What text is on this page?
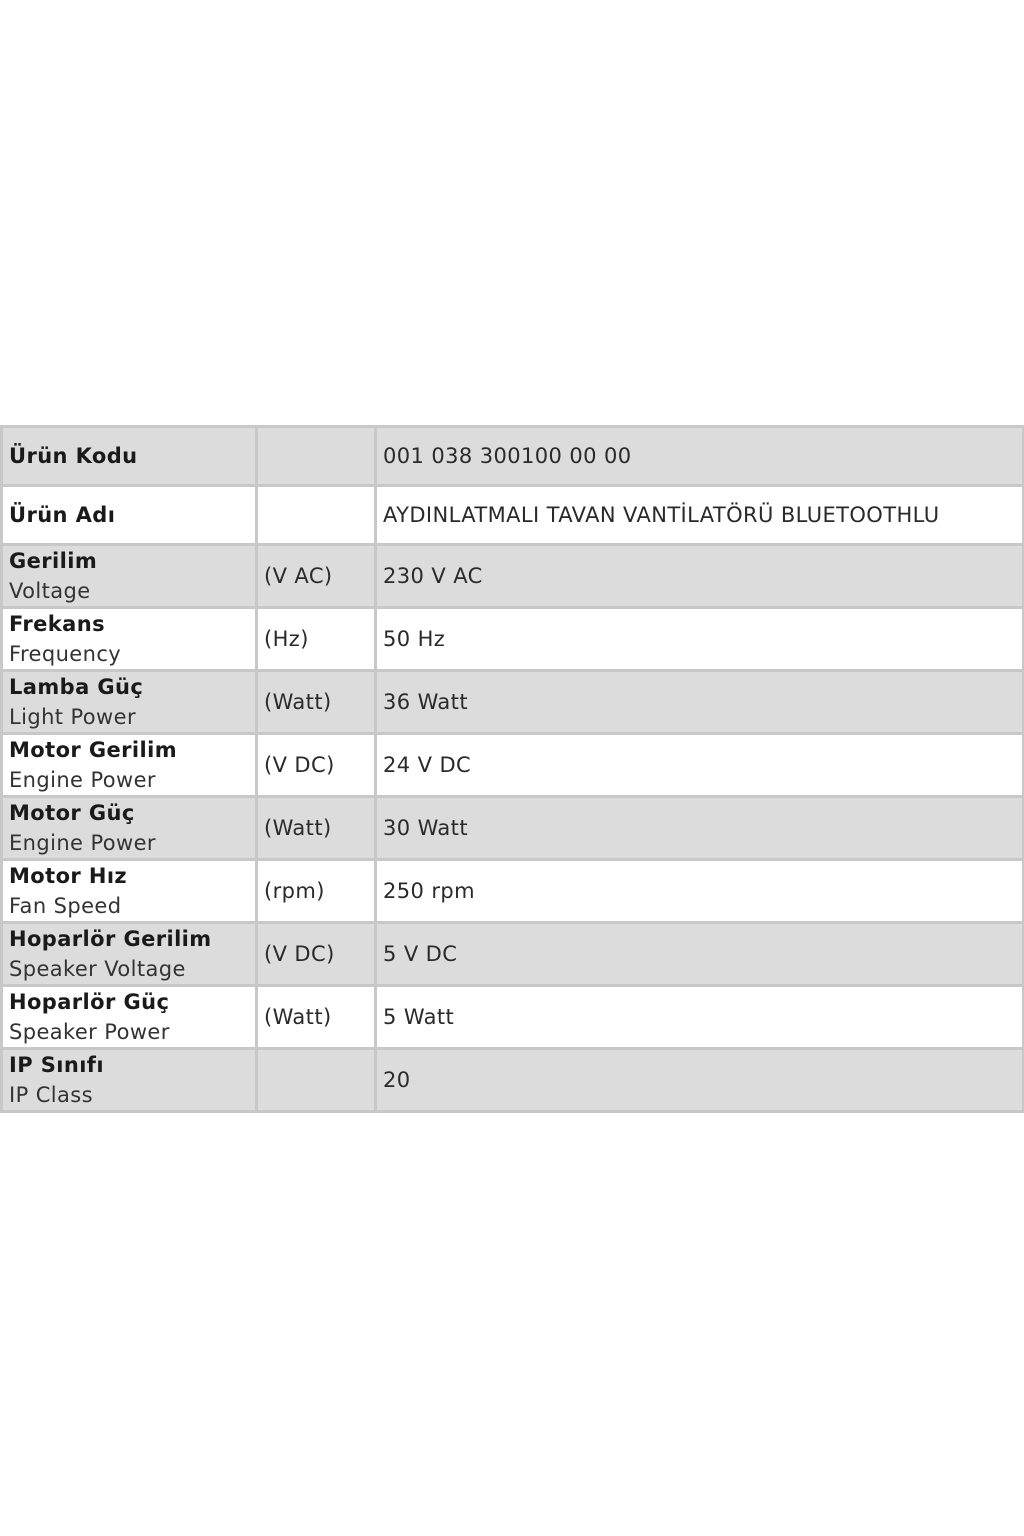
Ürün Kodu		001 038 300100 00 00

Ürün Adı		AYDINLATMALI TAVAN VANTİLATÖRÜ BLUETOOTHLU

Gerilim
Voltage	(V AC)	230 V AC

Frekans
Frequency	(Hz)	50 Hz

Lamba Güç
Light Power	(Watt)	36 Watt

Motor Gerilim
Engine Power	(V DC)	24 V DC

Motor Güç
Engine Power	(Watt)	30 Watt

Motor Hız
Fan Speed	(rpm)	250 rpm

Hoparlör Gerilim
Speaker Voltage	(V DC)	5 V DC

Hoparlör Güç
Speaker Power	(Watt)	5 Watt

IP Sınıfı
IP Class		20
